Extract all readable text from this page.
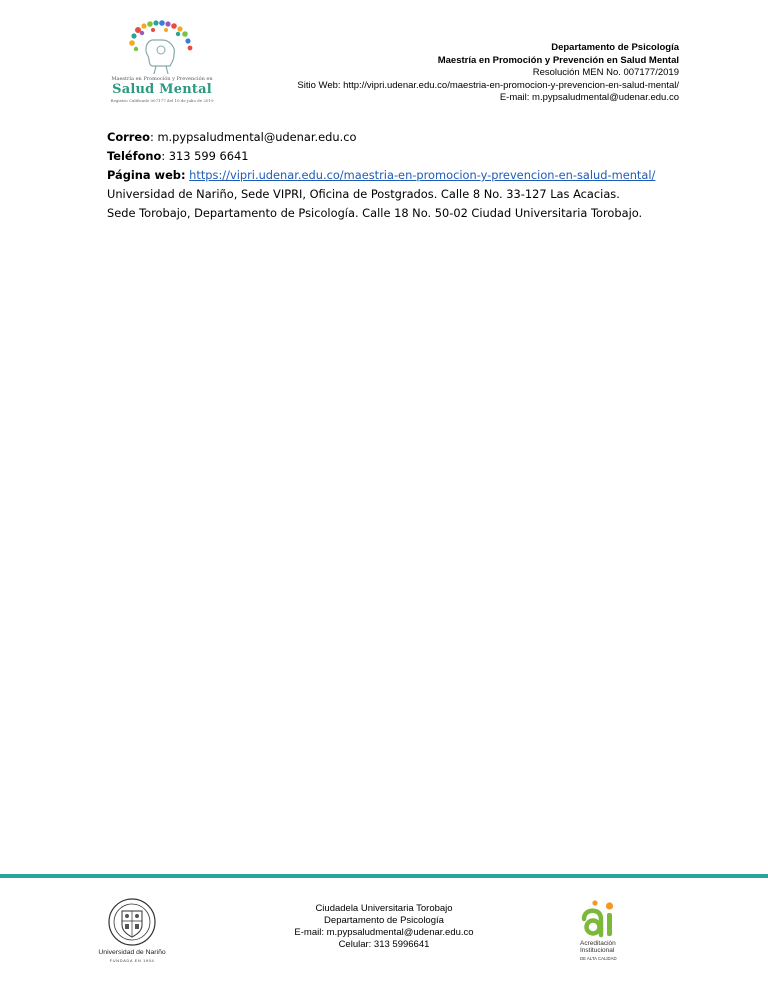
Maestría en Promoción y Prevención en
Salud Mental
Registro Calificado 007177 del 10 de julio de 2019
Departamento de Psicología
Maestría en Promoción y Prevención en Salud Mental
Resolución MEN No. 007177/2019
Sitio Web: http://vipri.udenar.edu.co/maestria-en-promocion-y-prevencion-en-salud-mental/
E-mail: m.pypsaludmental@udenar.edu.co
Correo: m.pypsaludmental@udenar.edu.co
Teléfono: 313 599 6641
Página web: https://vipri.udenar.edu.co/maestria-en-promocion-y-prevencion-en-salud-mental/
Universidad de Nariño, Sede VIPRI, Oficina de Postgrados. Calle 8 No. 33-127 Las Acacias.
Sede Torobajo, Departamento de Psicología. Calle 18 No. 50-02 Ciudad Universitaria Torobajo.
Universidad de Nariño
FUNDADA EN 1904
Ciudadela Universitaria Torobajo
Departamento de Psicología
E-mail: m.pypsaludmental@udenar.edu.co
Celular: 313 5996641	Acreditación
Institucional
DE ALTA CALIDAD
